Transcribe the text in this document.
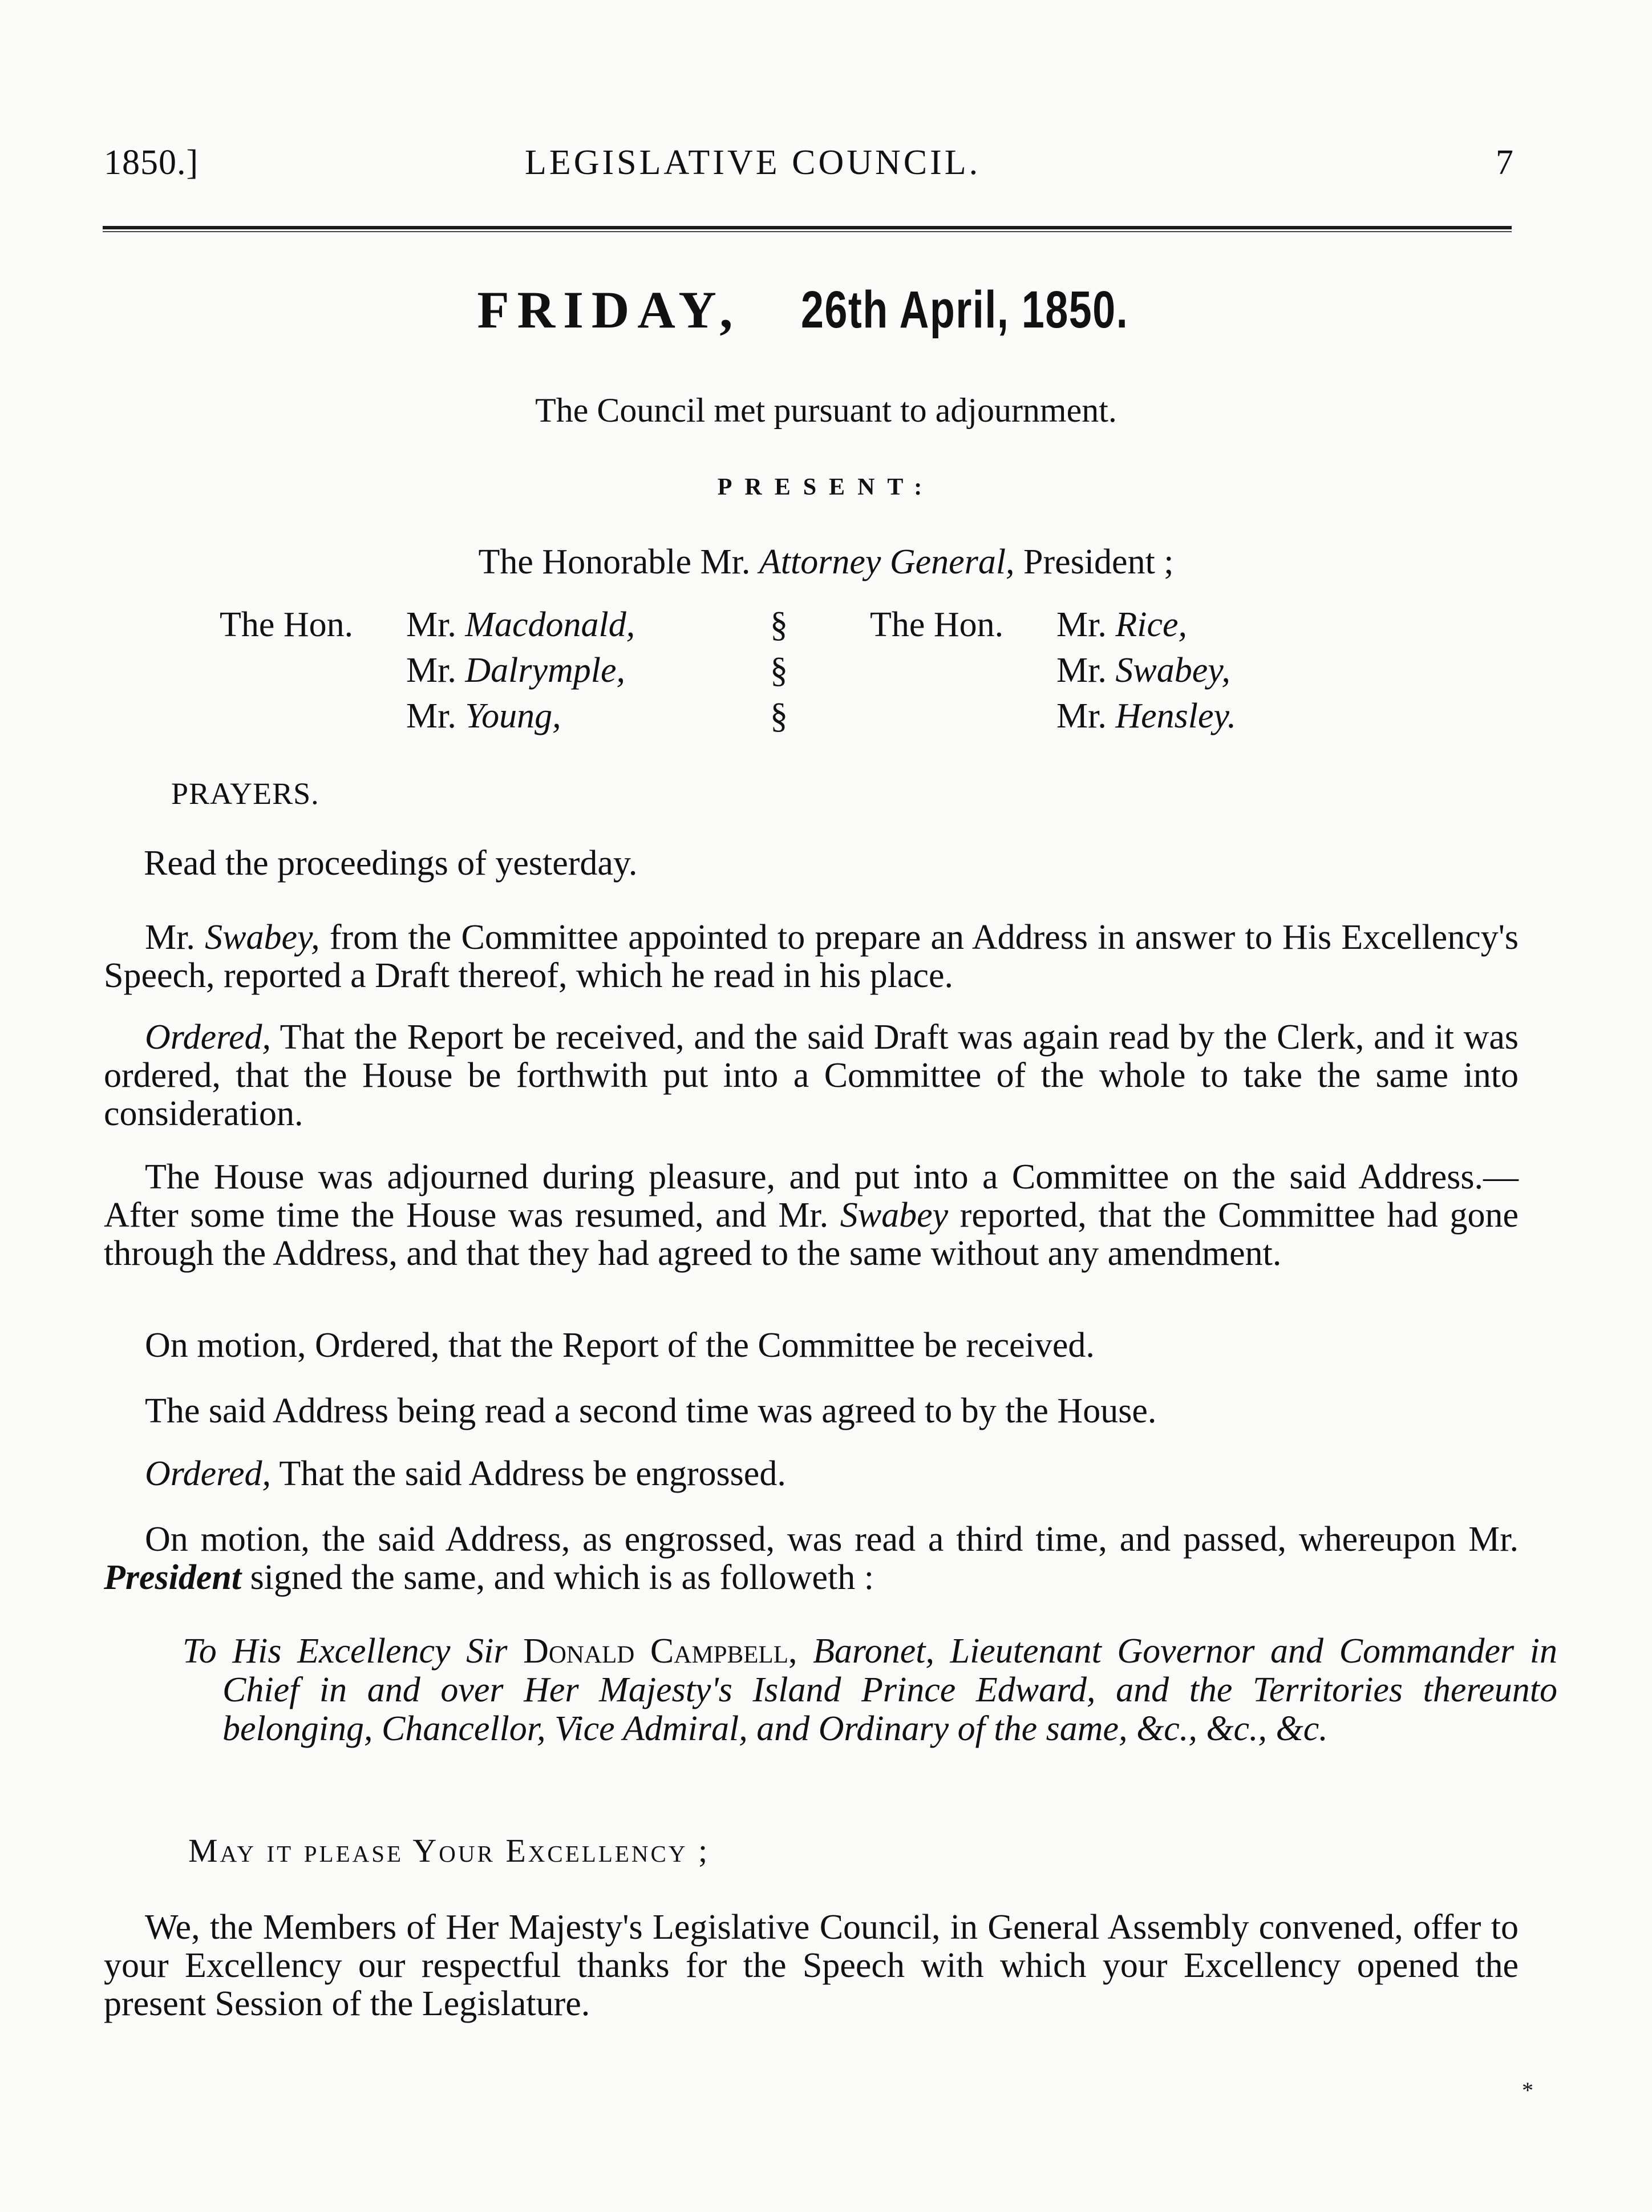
1850.]	LEGISLATIVE COUNCIL.	7
FRIDAY, 26th April, 1850.
The Council met pursuant to adjournment.
PRESENT:
The Honorable Mr. Attorney General, President ;
The Hon. Mr. Macdonald,
Mr. Dalrymple,
Mr. Young,
§
§
§
The Hon. Mr. Rice,
Mr. Swabey,
Mr. Hensley.
PRAYERS.
Read the proceedings of yesterday.
Mr. Swabey, from the Committee appointed to prepare an Address in answer to His Excellency's Speech, reported a Draft thereof, which he read in his place.
Ordered, That the Report be received, and the said Draft was again read by the Clerk, and it was ordered, that the House be forthwith put into a Committee of the whole to take the same into consideration.
The House was adjourned during pleasure, and put into a Committee on the said Address.—After some time the House was resumed, and Mr. Swabey reported, that the Committee had gone through the Address, and that they had agreed to the same without any amendment.
On motion, Ordered, that the Report of the Committee be received.
The said Address being read a second time was agreed to by the House.
Ordered, That the said Address be engrossed.
On motion, the said Address, as engrossed, was read a third time, and passed, whereupon Mr. President signed the same, and which is as followeth :
To His Excellency Sir Donald Campbell, Baronet, Lieutenant Governor and Commander in Chief in and over Her Majesty's Island Prince Edward, and the Territories thereunto belonging, Chancellor, Vice Admiral, and Ordinary of the same, &c., &c., &c.
May it please Your Excellency ;
We, the Members of Her Majesty's Legislative Council, in General Assembly convened, offer to your Excellency our respectful thanks for the Speech with which your Excellency opened the present Session of the Legislature.
*
